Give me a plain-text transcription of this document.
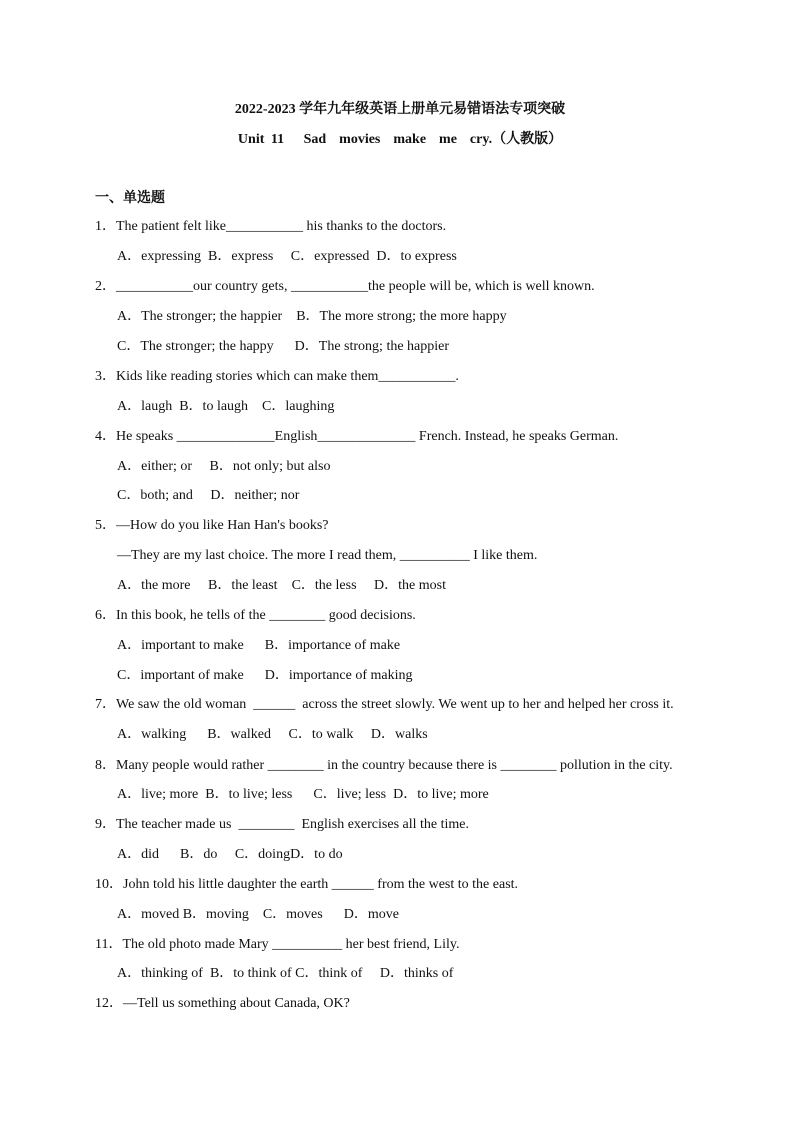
2022-2023 学年九年级英语上册单元易错语法专项突破
Unit 11   Sad  movies  make  me  cry.（人教版）
一、单选题
1．The patient felt like___________ his thanks to the doctors.
A．expressing  B．express     C．expressed  D．to express
2．___________our country gets, ___________the people will be, which is well known.
A．The stronger; the happier    B．The more strong; the more happy
C．The stronger; the happy      D．The strong; the happier
3．Kids like reading stories which can make them___________.
A．laugh  B．to laugh    C．laughing
4．He speaks ______________English______________ French. Instead, he speaks German.
A．either; or     B．not only; but also
C．both; and     D．neither; nor
5．—How do you like Han Han's books?
—They are my last choice. The more I read them, __________ I like them.
A．the more     B．the least    C．the less     D．the most
6．In this book, he tells of the ________ good decisions.
A．important to make      B．importance of make
C．important of make      D．importance of making
7．We saw the old woman  ______  across the street slowly. We went up to her and helped her cross it.
A．walking      B．walked     C．to walk     D．walks
8．Many people would rather ________ in the country because there is ________ pollution in the city.
A．live; more  B．to live; less      C．live; less  D．to live; more
9．The teacher made us  ________  English exercises all the time.
A．did      B．do     C．doingD．to do
10．John told his little daughter the earth ______ from the west to the east.
A．moved B．moving    C．moves      D．move
11．The old photo made Mary __________ her best friend, Lily.
A．thinking of  B．to think of C．think of     D．thinks of
12．—Tell us something about Canada, OK?
